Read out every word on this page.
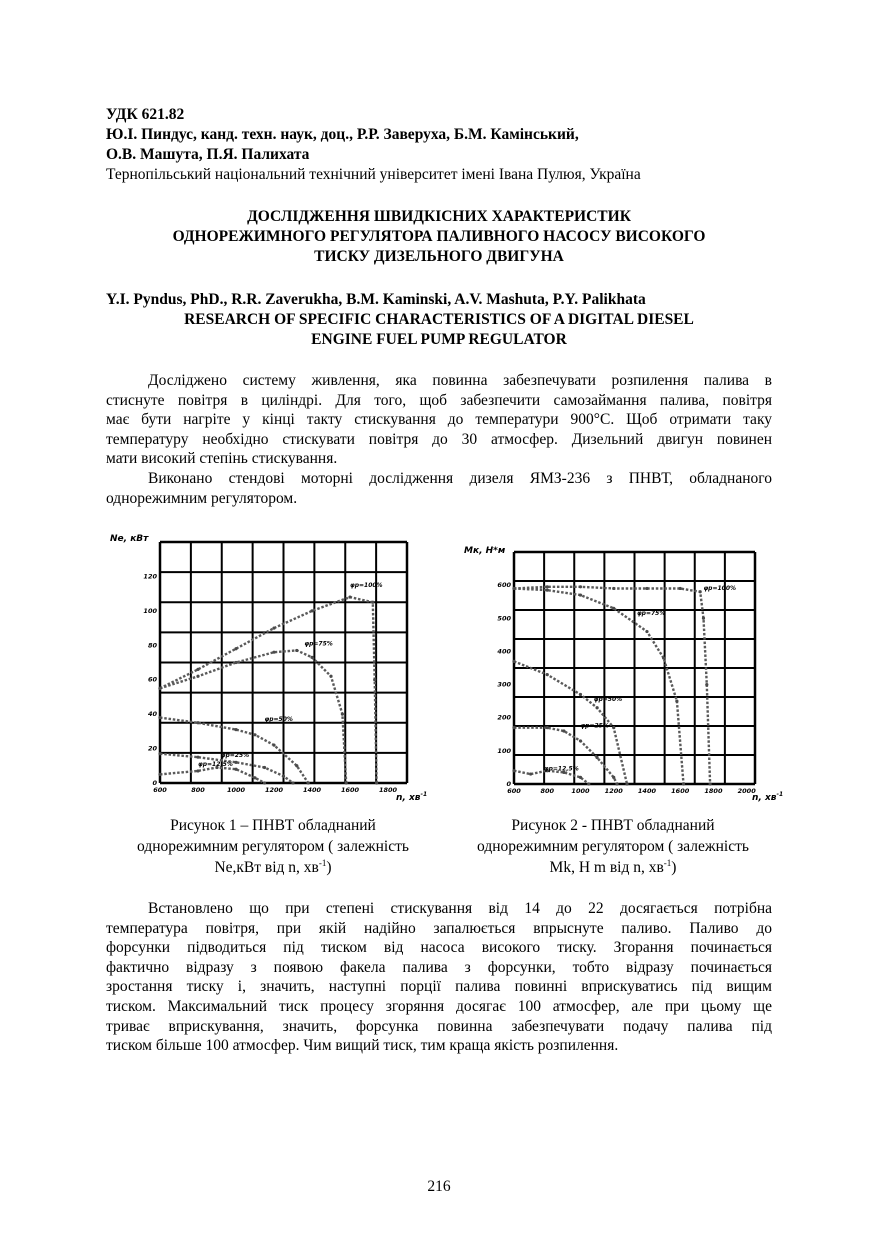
УДК 621.82
Ю.І. Пиндус, канд. техн. наук, доц., Р.Р. Заверуха, Б.М. Камінський,
О.В. Машута, П.Я. Палихата
Тернопільський національний технічний університет імені Івана Пулюя, Україна
ДОСЛІДЖЕННЯ ШВИДКІСНИХ ХАРАКТЕРИСТИК
ОДНОРЕЖИМНОГО РЕГУЛЯТОРА ПАЛИВНОГО НАСОСУ ВИСОКОГО
ТИСКУ ДИЗЕЛЬНОГО ДВИГУНА
Y.I. Pyndus, PhD., R.R. Zaverukha, B.M. Kaminski, A.V. Mashuta, P.Y. Palikhata
RESEARCH OF SPECIFIC CHARACTERISTICS OF A DIGITAL DIESEL
ENGINE FUEL PUMP REGULATOR
Досліджено систему живлення, яка повинна забезпечувати розпилення палива в
стиснуте повітря в циліндрі. Для того, щоб забезпечити самозаймання палива, повітря
має бути нагріте у кінці такту стискування до температури 900°С. Щоб отримати таку
температуру необхідно стискувати повітря до 30 атмосфер. Дизельний двигун повинен
мати високий степінь стискування.
Виконано стендові моторні дослідження дизеля ЯМЗ-236 з ПНВТ, обладнаного
однорежимним регулятором.
Ne, кВт
n, $хв^{-1}$
0
20
40
60
80
100
120
600	800	1000	1200	1400	1600	1800
φр=100%
φр=75%
φр=50%
φр=25%
φр=12,5%
Mк, Н*м
n, $хв^{-1}$
0
100
200
300
400
500
600
600	800	1000 1200 1400 1600 1800 2000
φр=100%
φр=75%
φр=50%
φр=25%
φр=12,5%
Рисунок 1 – ПНВТ обладнаний
однорежимним регулятором ( залежність
Ne,кВт від n, $хв^{-1}$)
Рисунок 2 - ПНВТ обладнаний
однорежимним регулятором ( залежність
Mk, Н m від n, $хв^{-1}$)
Встановлено що при степені стискування від 14 до 22 досягається потрібна
температура повітря, при якій надійно запалюється впрыснуте паливо. Паливо до
форсунки підводиться під тиском від насоса високого тиску. Згорання починається
фактично відразу з появою факела палива з форсунки, тобто відразу починається
зростання тиску і, значить, наступні порції палива повинні вприскуватись під вищим
тиском. Максимальний тиск процесу згоряння досягає 100 атмосфер, але при цьому ще
триває вприскування, значить, форсунка повинна забезпечувати подачу палива під
тиском більше 100 атмосфер. Чим вищий тиск, тим краща якість розпилення.
216
